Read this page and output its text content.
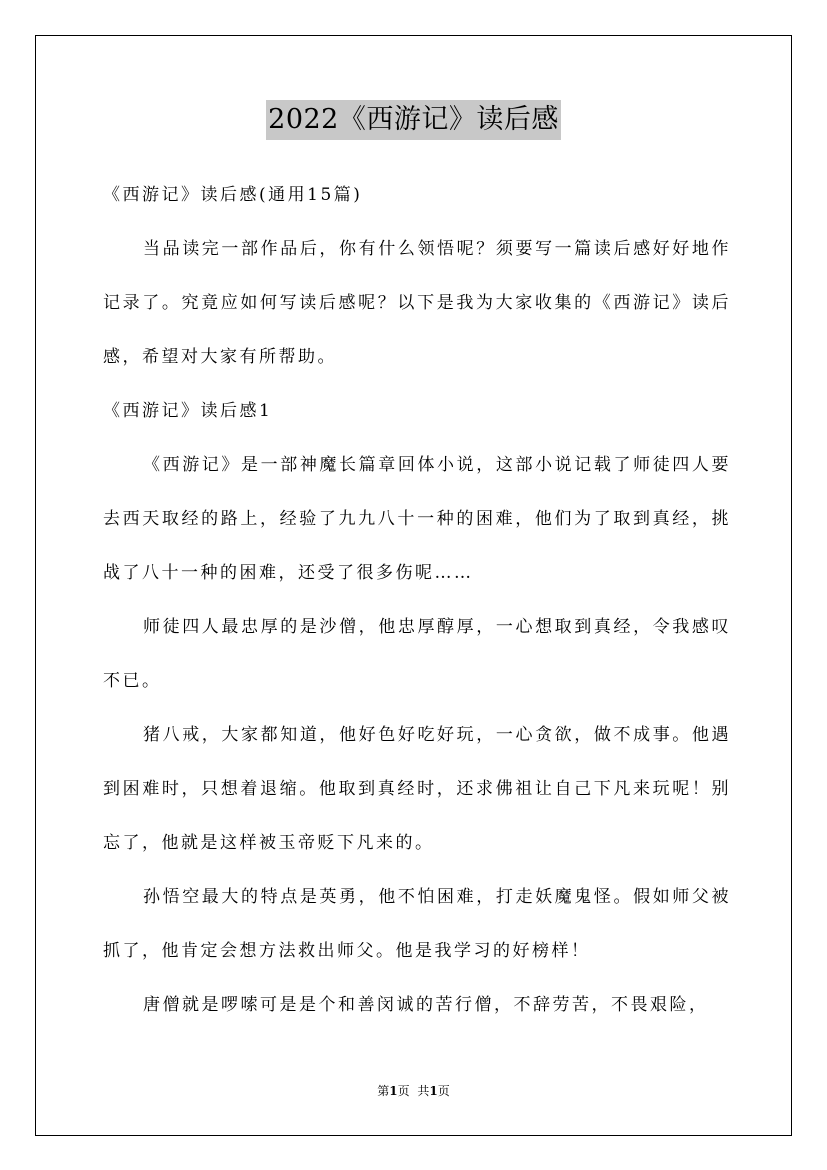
2022《西游记》读后感

《西游记》读后感(通用15篇)

当品读完一部作品后，你有什么领悟呢？须要写一篇读后感好好地作记录了。究竟应如何写读后感呢？以下是我为大家收集的《西游记》读后感，希望对大家有所帮助。

《西游记》读后感1

《西游记》是一部神魔长篇章回体小说，这部小说记载了师徒四人要去西天取经的路上，经验了九九八十一种的困难，他们为了取到真经，挑战了八十一种的困难，还受了很多伤呢……

师徒四人最忠厚的是沙僧，他忠厚醇厚，一心想取到真经，令我感叹不已。

猪八戒，大家都知道，他好色好吃好玩，一心贪欲，做不成事。他遇到困难时，只想着退缩。他取到真经时，还求佛祖让自己下凡来玩呢！别忘了，他就是这样被玉帝贬下凡来的。

孙悟空最大的特点是英勇，他不怕困难，打走妖魔鬼怪。假如师父被抓了，他肯定会想方法救出师父。他是我学习的好榜样！

唐僧就是啰嗦可是是个和善闵诚的苦行僧，不辞劳苦，不畏艰险，

第1页 共1页
